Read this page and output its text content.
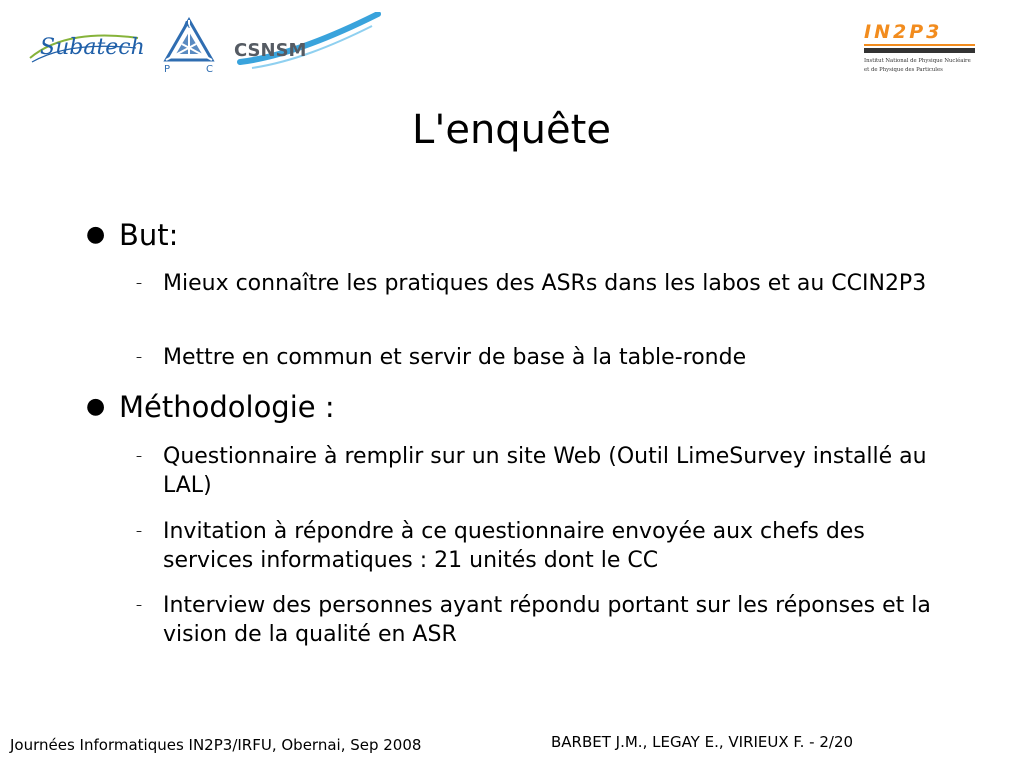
Subatech
A
P	C
CSNSM
IN2P3
Institut National de Physique Nucléaire
et de Physique des Particules
L'enquête
● But:
– Mieux connaître les pratiques des ASRs dans les labos et au CCIN2P3
– Mettre en commun et servir de base à la table-ronde
● Méthodologie :
– Questionnaire à remplir sur un site Web (Outil LimeSurvey installé au LAL)
– Invitation à répondre à ce questionnaire envoyée aux chefs des services informatiques : 21 unités dont le CC
– Interview des personnes ayant répondu portant sur les réponses et la vision de la qualité en ASR
Journées Informatiques IN2P3/IRFU, Obernai, Sep 2008	BARBET J.M., LEGAY E., VIRIEUX F. - 2/20
